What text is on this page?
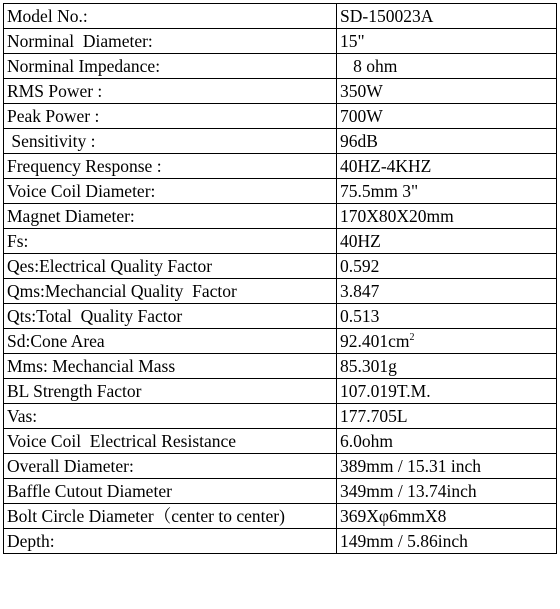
Model No.:	SD-150023A
Norminal  Diameter:	15"
Norminal Impedance:	8 ohm
RMS Power :	350W
Peak Power :	700W
Sensitivity :	96dB
Frequency Response :	40HZ-4KHZ
Voice Coil Diameter:	75.5mm 3"
Magnet Diameter:	170X80X20mm
Fs:	40HZ
Qes:Electrical Quality Factor	0.592
Qms:Mechancial Quality  Factor	3.847
Qts:Total  Quality Factor	0.513
Sd:Cone Area	$92.401cm^2$
Mms: Mechancial Mass	85.301g
BL Strength Factor	107.019T.M.
Vas:	177.705L
Voice Coil  Electrical Resistance	6.0ohm
Overall Diameter:	389mm / 15.31 inch
Baffle Cutout Diameter	349mm / 13.74inch
Bolt Circle Diameter（center to center)	369Xφ6mmX8
Depth:	149mm / 5.86inch
